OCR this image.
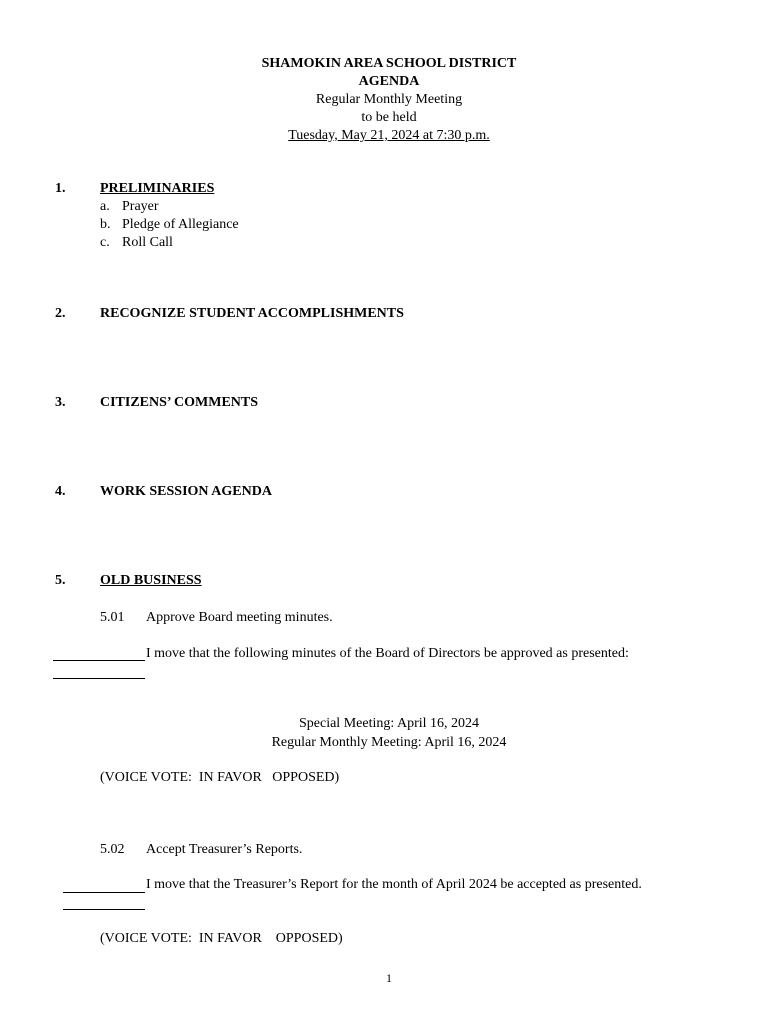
SHAMOKIN AREA SCHOOL DISTRICT
AGENDA
Regular Monthly Meeting
to be held
Tuesday, May 21, 2024 at 7:30 p.m.
1. PRELIMINARIES
a. Prayer
b. Pledge of Allegiance
c. Roll Call
2. RECOGNIZE STUDENT ACCOMPLISHMENTS
3. CITIZENS’ COMMENTS
4. WORK SESSION AGENDA
5. OLD BUSINESS
5.01 Approve Board meeting minutes.
I move that the following minutes of the Board of Directors be approved as presented:
Special Meeting: April 16, 2024
Regular Monthly Meeting: April 16, 2024
(VOICE VOTE:  IN FAVOR   OPPOSED)
5.02 Accept Treasurer’s Reports.
I move that the Treasurer’s Report for the month of April 2024 be accepted as presented.
(VOICE VOTE:  IN FAVOR    OPPOSED)
1
